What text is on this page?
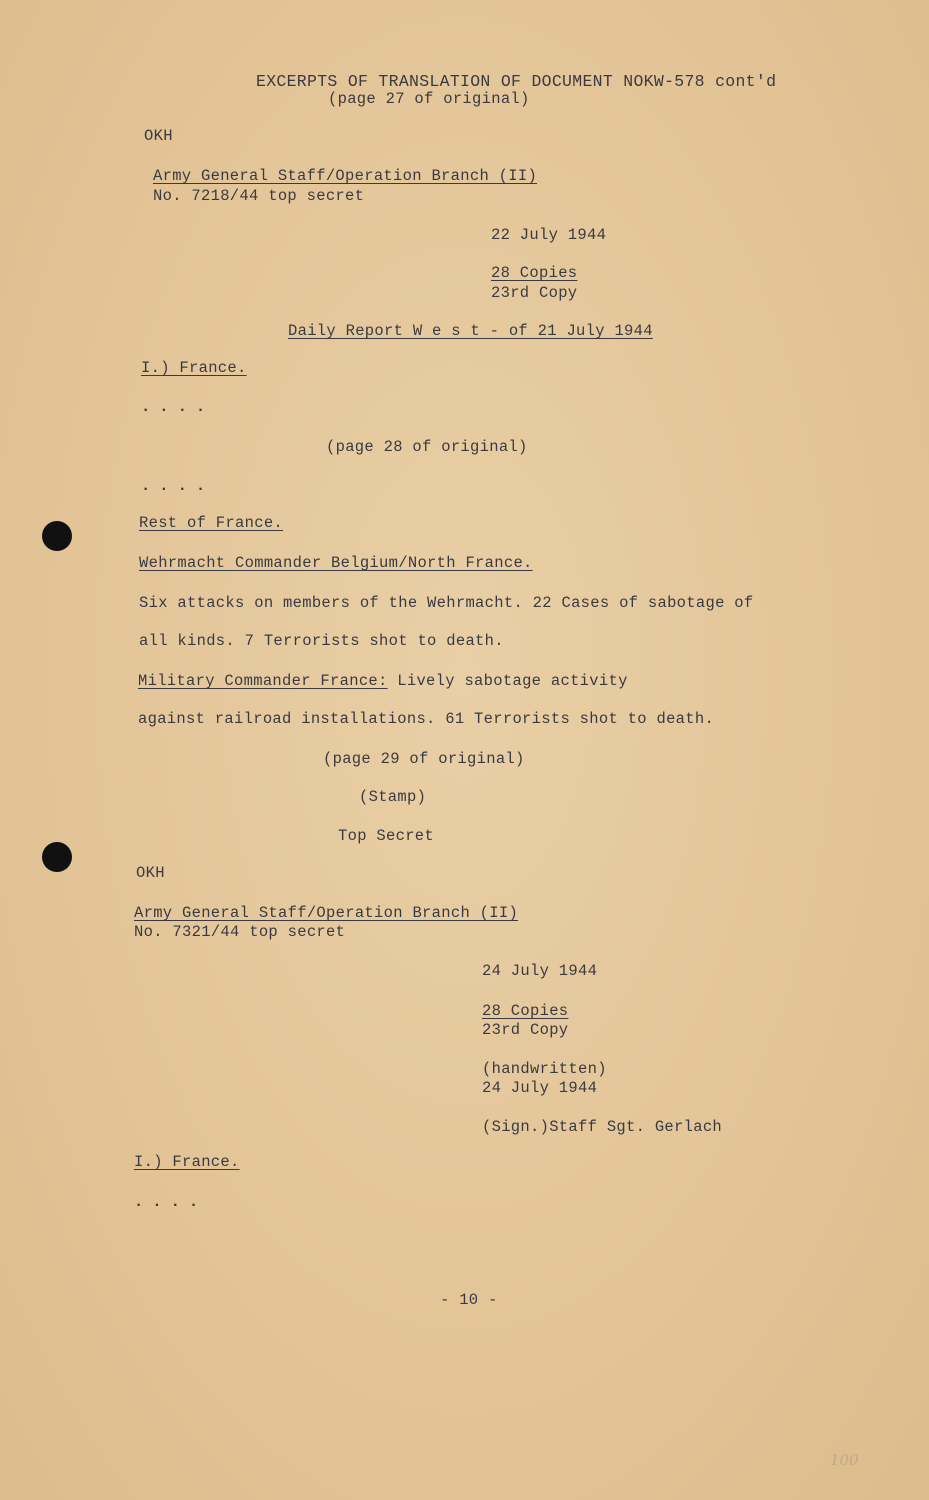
EXCERPTS OF TRANSLATION OF DOCUMENT NOKW-578 cont'd
(page 27 of original)
OKH
Army General Staff/Operation Branch (II)
No. 7218/44 top secret
22 July 1944
28 Copies
23rd Copy
Daily Report W e s t - of 21 July 1944
I.) France.
....
(page 28 of original)
....
Rest of France.
Wehrmacht Commander Belgium/North France.
Six attacks on members of the Wehrmacht. 22 Cases of sabotage of
all kinds. 7 Terrorists shot to death.
Military Commander France: Lively sabotage activity
against railroad installations. 61 Terrorists shot to death.
(page 29 of original)
(Stamp)
Top Secret
OKH
Army General Staff/Operation Branch (II)
No. 7321/44 top secret
24 July 1944
28 Copies
23rd Copy
(handwritten)
24 July 1944
(Sign.)Staff Sgt. Gerlach
I.) France.
....
- 10 -
100
